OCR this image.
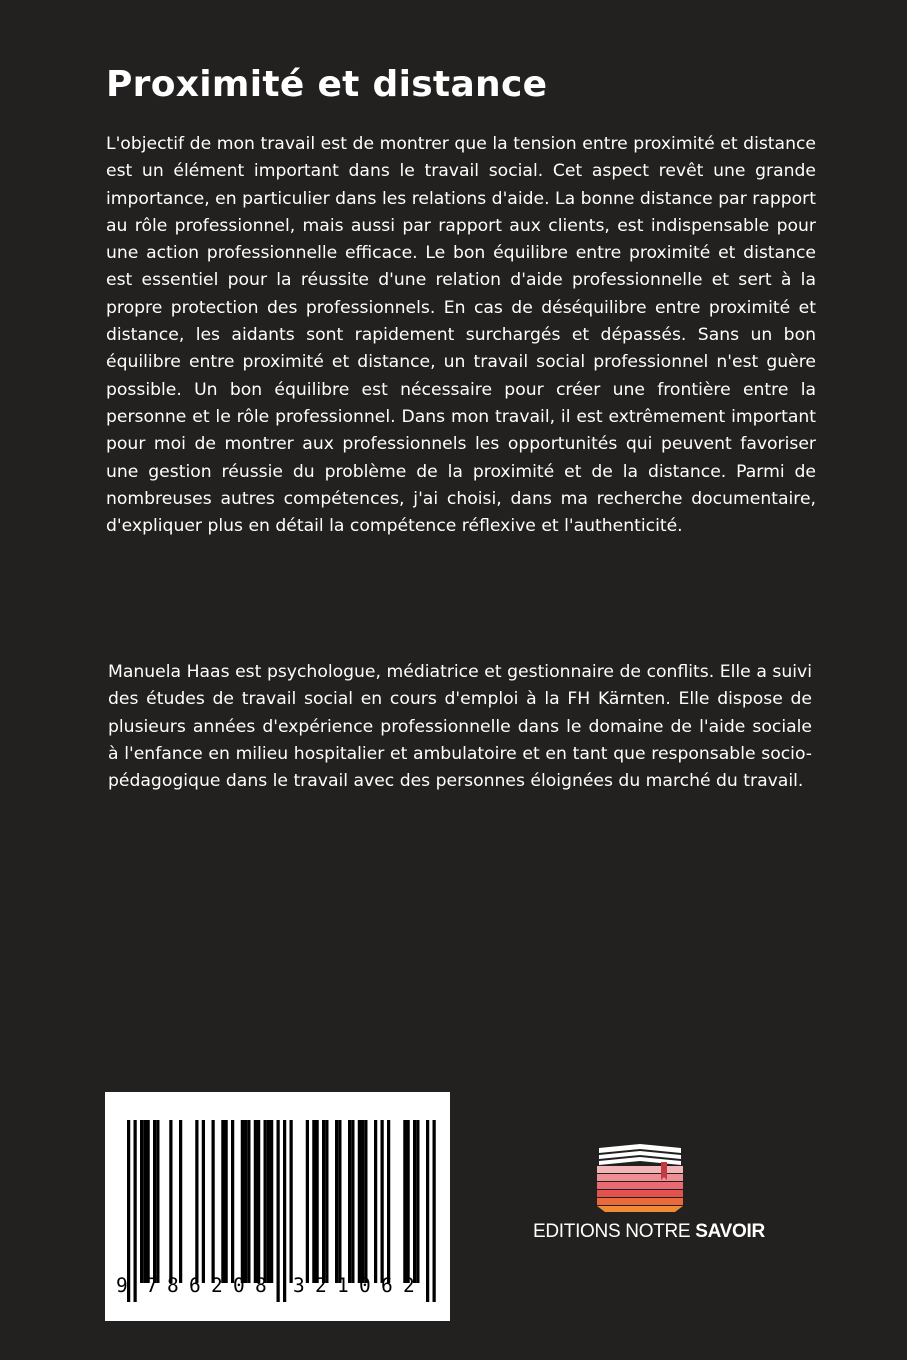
Proximité et distance

L'objectif de mon travail est de montrer que la tension entre proximité et distance est un élément important dans le travail social. Cet aspect revêt une grande importance, en particulier dans les relations d'aide. La bonne distance par rapport au rôle professionnel, mais aussi par rapport aux clients, est indispensable pour une action professionnelle efficace. Le bon équilibre entre proximité et distance est essentiel pour la réussite d'une relation d'aide professionnelle et sert à la propre protection des professionnels. En cas de déséquilibre entre proximité et distance, les aidants sont rapidement surchargés et dépassés. Sans un bon équilibre entre proximité et distance, un travail social professionnel n'est guère possible. Un bon équilibre est nécessaire pour créer une frontière entre la personne et le rôle professionnel. Dans mon travail, il est extrêmement important pour moi de montrer aux professionnels les opportunités qui peuvent favoriser une gestion réussie du problème de la proximité et de la distance. Parmi de nombreuses autres compétences, j'ai choisi, dans ma recherche documentaire, d'expliquer plus en détail la compétence réflexive et l'authenticité.

Manuela Haas est psychologue, médiatrice et gestionnaire de conflits. Elle a suivi des études de travail social en cours d'emploi à la FH Kärnten. Elle dispose de plusieurs années d'expérience professionnelle dans le domaine de l'aide sociale à l'enfance en milieu hospitalier et ambulatoire et en tant que responsable socio-pédagogique dans le travail avec des personnes éloignées du marché du travail.

9 7 8 6 2 0 8 3 2 1 0 6 2
EDITIONS NOTRE SAVOIR
